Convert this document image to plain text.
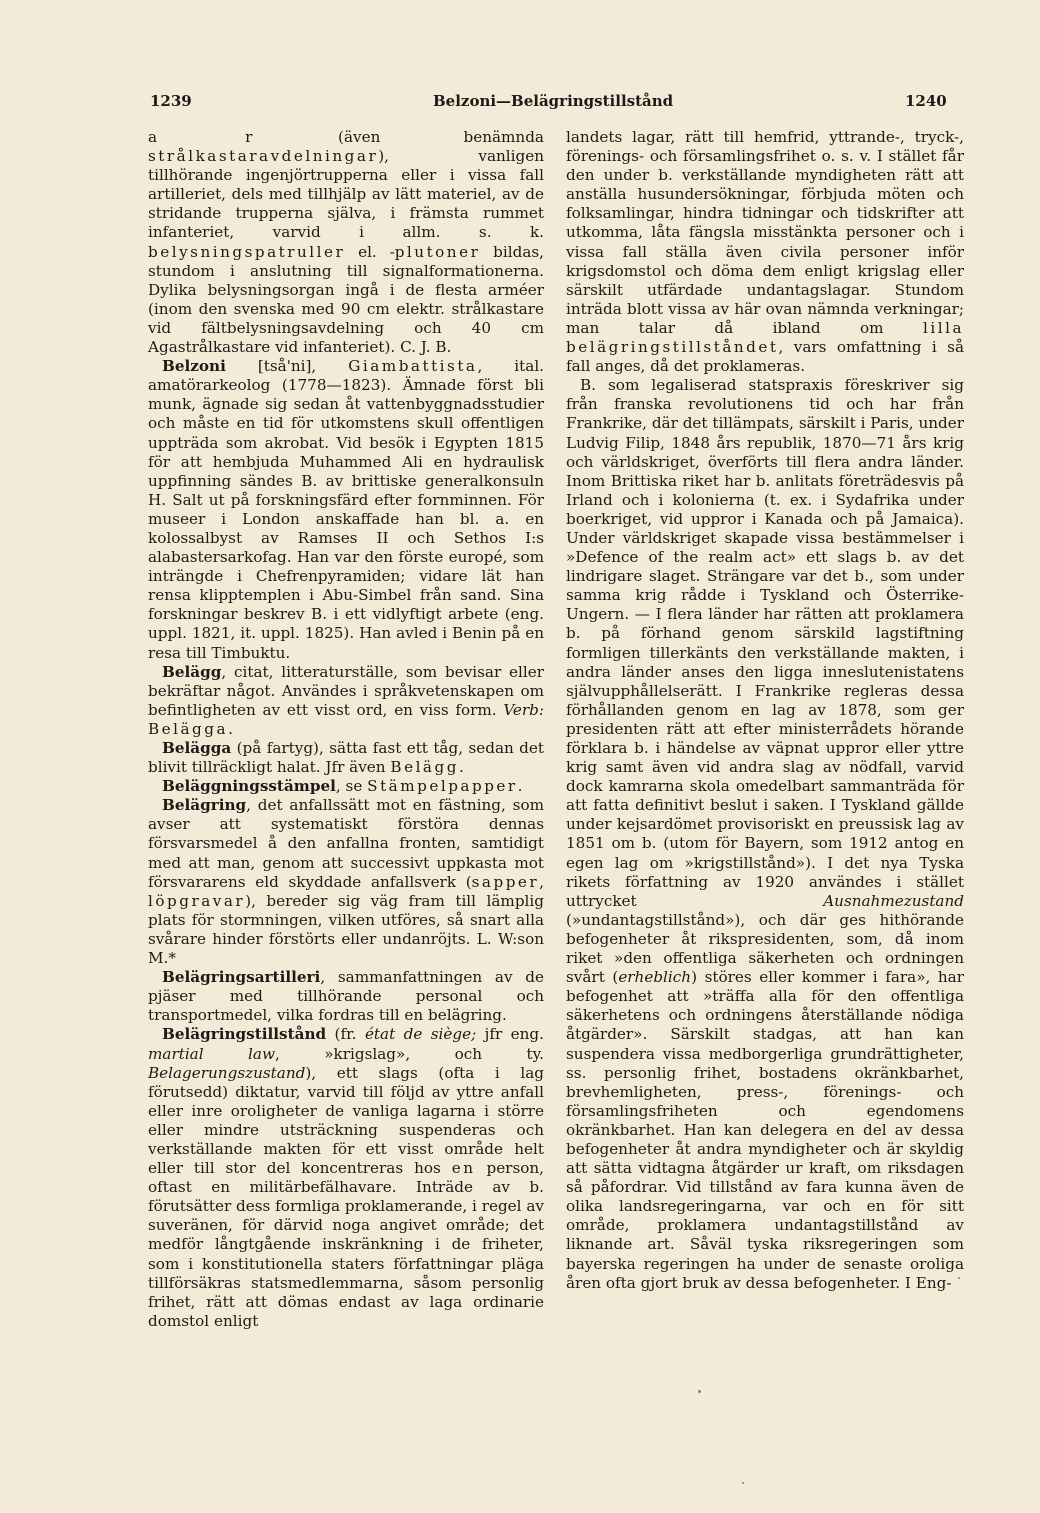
1239	Belzoni—Belägringstillstånd	1240

a r (även benämnda strålkastaravdelningar), vanligen tillhörande ingenjörtrupperna eller i vissa fall artilleriet, dels med tillhjälp av lätt materiel, av de stridande trupperna själva, i främsta rummet infanteriet, varvid i allm. s. k. belysningspatruller el. -plutoner bildas, stundom i anslutning till signalformationerna. Dylika belysningsorgan ingå i de flesta arméer (inom den svenska med 90 cm elektr. strålkastare vid fältbelysningsavdelning och 40 cm Agastrålkastare vid infanteriet). C. J. B.

Belzoni [tså'ni], Giambattista, ital. amatörarkeolog (1778—1823). Ämnade först bli munk, ägnade sig sedan åt vattenbyggnadsstudier och måste en tid för utkomstens skull offentligen uppträda som akrobat. Vid besök i Egypten 1815 för att hembjuda Muhammed Ali en hydraulisk uppfinning sändes B. av brittiske generalkonsuln H. Salt ut på forskningsfärd efter fornminnen. För museer i London anskaffade han bl. a. en kolossalbyst av Ramses II och Sethos I:s alabastersarkofag. Han var den förste europé, som inträngde i Chefrenpyramiden; vidare lät han rensa klipptemplen i Abu-Simbel från sand. Sina forskningar beskrev B. i ett vidlyftigt arbete (eng. uppl. 1821, it. uppl. 1825). Han avled i Benin på en resa till Timbuktu.

Belägg, citat, litteraturställe, som bevisar eller bekräftar något. Användes i språkvetenskapen om befintligheten av ett visst ord, en viss form. Verb: Belägga.

Belägga (på fartyg), sätta fast ett tåg, sedan det blivit tillräckligt halat. Jfr även Belägg.

Beläggningsstämpel, se Stämpelpapper.

Belägring, det anfallssätt mot en fästning, som avser att systematiskt förstöra dennas försvarsmedel å den anfallna fronten, samtidigt med att man, genom att successivt uppkasta mot försvararens eld skyddade anfallsverk (sapper, löpgravar), bereder sig väg fram till lämplig plats för stormningen, vilken utföres, så snart alla svårare hinder förstörts eller undanröjts. L. W:son M.*

Belägringsartilleri, sammanfattningen av de pjäser med tillhörande personal och transportmedel, vilka fordras till en belägring.

Belägringstillstånd (fr. état de siège; jfr eng. martial law, »krigslag», och ty. Belagerungszustand), ett slags (ofta i lag förutsedd) diktatur, varvid till följd av yttre anfall eller inre oroligheter de vanliga lagarna i större eller mindre utsträckning suspenderas och verkställande makten för ett visst område helt eller till stor del koncentreras hos en person, oftast en militärbefälhavare. Inträde av b. förutsätter dess formliga proklamerande, i regel av suveränen, för därvid noga angivet område; det medför långtgående inskränkning i de friheter, som i konstitutionella staters författningar pläga tillförsäkras statsmedlemmarna, såsom personlig frihet, rätt att dömas endast av laga ordinarie domstol enligt

landets lagar, rätt till hemfrid, yttrande-, tryck-, förenings- och församlingsfrihet o. s. v. I stället får den under b. verkställande myndigheten rätt att anställa husundersökningar, förbjuda möten och folksamlingar, hindra tidningar och tidskrifter att utkomma, låta fängsla misstänkta personer och i vissa fall ställa även civila personer inför krigsdomstol och döma dem enligt krigslag eller särskilt utfärdade undantagslagar. Stundom inträda blott vissa av här ovan nämnda verkningar; man talar då ibland om lilla belägringstillståndet, vars omfattning i så fall anges, då det proklameras.

B. som legaliserad statspraxis föreskriver sig från franska revolutionens tid och har från Frankrike, där det tillämpats, särskilt i Paris, under Ludvig Filip, 1848 års republik, 1870—71 års krig och världskriget, överförts till flera andra länder. Inom Brittiska riket har b. anlitats företrädesvis på Irland och i kolonierna (t. ex. i Sydafrika under boerkriget, vid uppror i Kanada och på Jamaica). Under världskriget skapade vissa bestämmelser i »Defence of the realm act» ett slags b. av det lindrigare slaget. Strängare var det b., som under samma krig rådde i Tyskland och Österrike-Ungern. — I flera länder har rätten att proklamera b. på förhand genom särskild lagstiftning formligen tillerkänts den verkställande makten, i andra länder anses den ligga inneslutenistatens självupphållelserätt. I Frankrike regleras dessa förhållanden genom en lag av 1878, som ger presidenten rätt att efter ministerrådets hörande förklara b. i händelse av väpnat uppror eller yttre krig samt även vid andra slag av nödfall, varvid dock kamrarna skola omedelbart sammanträda för att fatta definitivt beslut i saken. I Tyskland gällde under kejsardömet provisoriskt en preussisk lag av 1851 om b. (utom för Bayern, som 1912 antog en egen lag om »krigstillstånd»). I det nya Tyska rikets författning av 1920 användes i stället uttrycket Ausnahmezustand (»undantagstillstånd»), och där ges hithörande befogenheter åt rikspresidenten, som, då inom riket »den offentliga säkerheten och ordningen svårt (erheblich) störes eller kommer i fara», har befogenhet att »träffa alla för den offentliga säkerhetens och ordningens återställande nödiga åtgärder». Särskilt stadgas, att han kan suspendera vissa medborgerliga grundrättigheter, ss. personlig frihet, bostadens okränkbarhet, brevhemligheten, press-, förenings- och församlingsfriheten och egendomens okränkbarhet. Han kan delegera en del av dessa befogenheter åt andra myndigheter och är skyldig att sätta vidtagna åtgärder ur kraft, om riksdagen så påfordrar. Vid tillstånd av fara kunna även de olika landsregeringarna, var och en för sitt område, proklamera undantagstillstånd av liknande art. Såväl tyska riksregeringen som bayerska regeringen ha under de senaste oroliga åren ofta gjort bruk av dessa befogenheter. I Eng-
